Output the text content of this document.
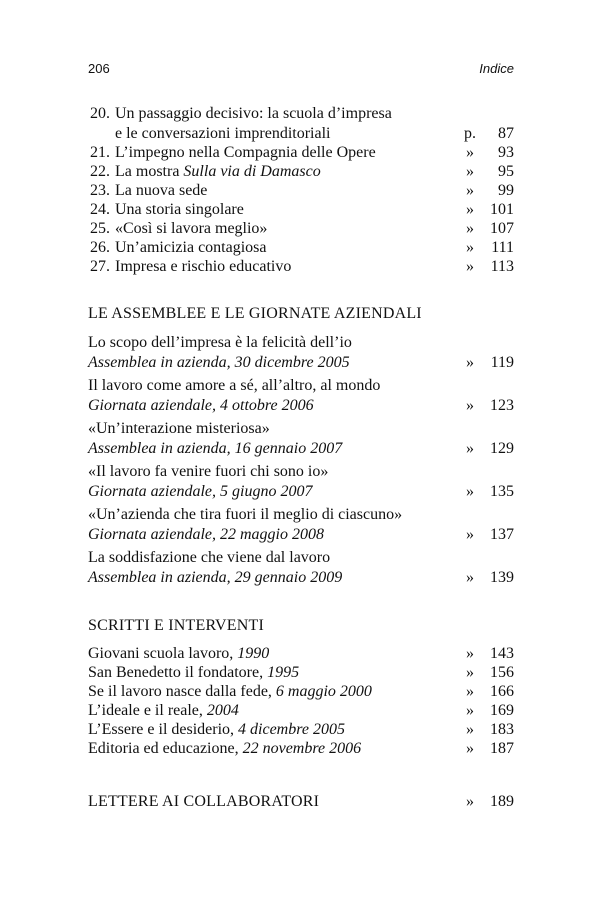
206	Indice
20. Un passaggio decisivo: la scuola d’impresa
e le conversazioni imprenditoriali	p. 87
21. L’impegno nella Compagnia delle Opere	» 93
22. La mostra Sulla via di Damasco	» 95
23. La nuova sede	» 99
24. Una storia singolare	» 101
25. «Così si lavora meglio»	» 107
26. Un’amicizia contagiosa	» 111
27. Impresa e rischio educativo	» 113
LE ASSEMBLEE E LE GIORNATE AZIENDALI
Lo scopo dell’impresa è la felicità dell’io
Assemblea in azienda, 30 dicembre 2005	» 119
Il lavoro come amore a sé, all’altro, al mondo
Giornata aziendale, 4 ottobre 2006	» 123
«Un’interazione misteriosa»
Assemblea in azienda, 16 gennaio 2007	» 129
«Il lavoro fa venire fuori chi sono io»
Giornata aziendale, 5 giugno 2007	» 135
«Un’azienda che tira fuori il meglio di ciascuno»
Giornata aziendale, 22 maggio 2008	» 137
La soddisfazione che viene dal lavoro
Assemblea in azienda, 29 gennaio 2009	» 139
SCRITTI E INTERVENTI
Giovani scuola lavoro, 1990	» 143
San Benedetto il fondatore, 1995	» 156
Se il lavoro nasce dalla fede, 6 maggio 2000	» 166
L’ideale e il reale, 2004	» 169
L’Essere e il desiderio, 4 dicembre 2005	» 183
Editoria ed educazione, 22 novembre 2006	» 187
LETTERE AI COLLABORATORI	» 189
